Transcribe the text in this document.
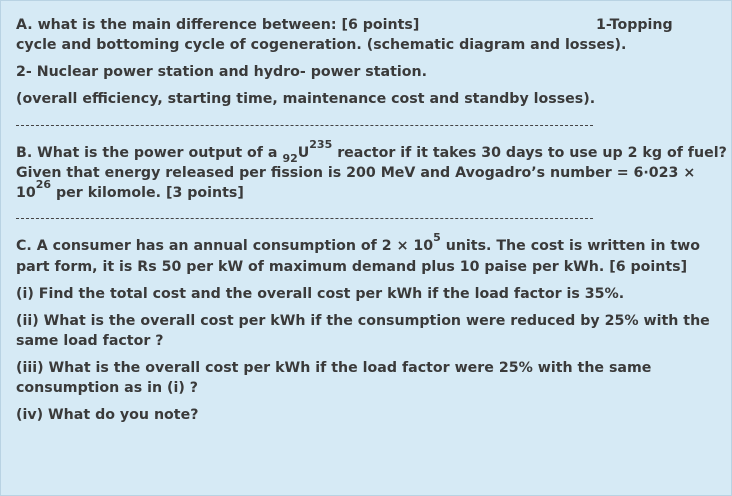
A. what is the main difference between: [6 points]	1-Topping
cycle and bottoming cycle of cogeneration. (schematic diagram and losses).
2- Nuclear power station and hydro- power station.
(overall efficiency, starting time, maintenance cost and standby losses).
B. What is the power output of a $_{92}U^{235}$ reactor if it takes 30 days to use up 2 kg of fuel?
Given that energy released per fission is 200 MeV and Avogadro’s number = 6·023 ×
$10^{26}$ per kilomole. [3 points]
C. A consumer has an annual consumption of $2 \times 10^5$ units. The cost is written in two
part form, it is Rs 50 per kW of maximum demand plus 10 paise per kWh. [6 points]
(i) Find the total cost and the overall cost per kWh if the load factor is 35%.
(ii) What is the overall cost per kWh if the consumption were reduced by 25% with the
same load factor ?
(iii) What is the overall cost per kWh if the load factor were 25% with the same
consumption as in (i) ?
(iv) What do you note?
